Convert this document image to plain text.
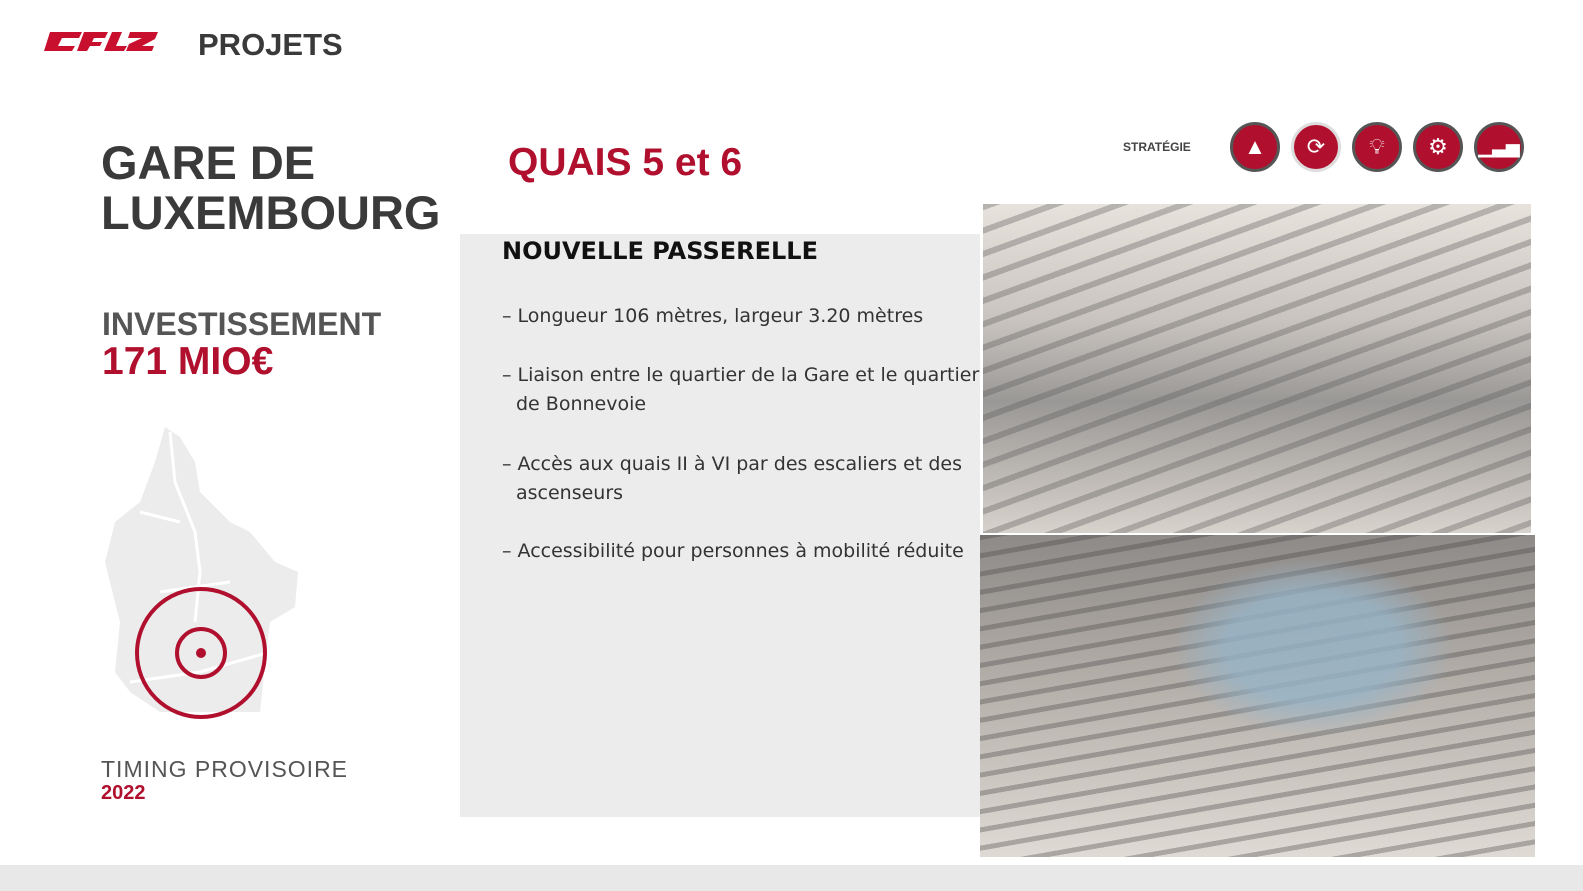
PROJETS
GARE DE
LUXEMBOURG
INVESTISSEMENT
171 MIO€
TIMING PROVISOIRE
2022
QUAIS 5 et 6
NOUVELLE PASSERELLE
– Longueur 106 mètres, largeur 3.20 mètres
– Liaison entre le quartier de la Gare et le quartier de Bonnevoie
– Accès aux quais II à VI par des escaliers et des ascenseurs
– Accessibilité pour personnes à mobilité réduite
STRATÉGIE	▲	⟳	💡︎	⚙	▁▃▅
